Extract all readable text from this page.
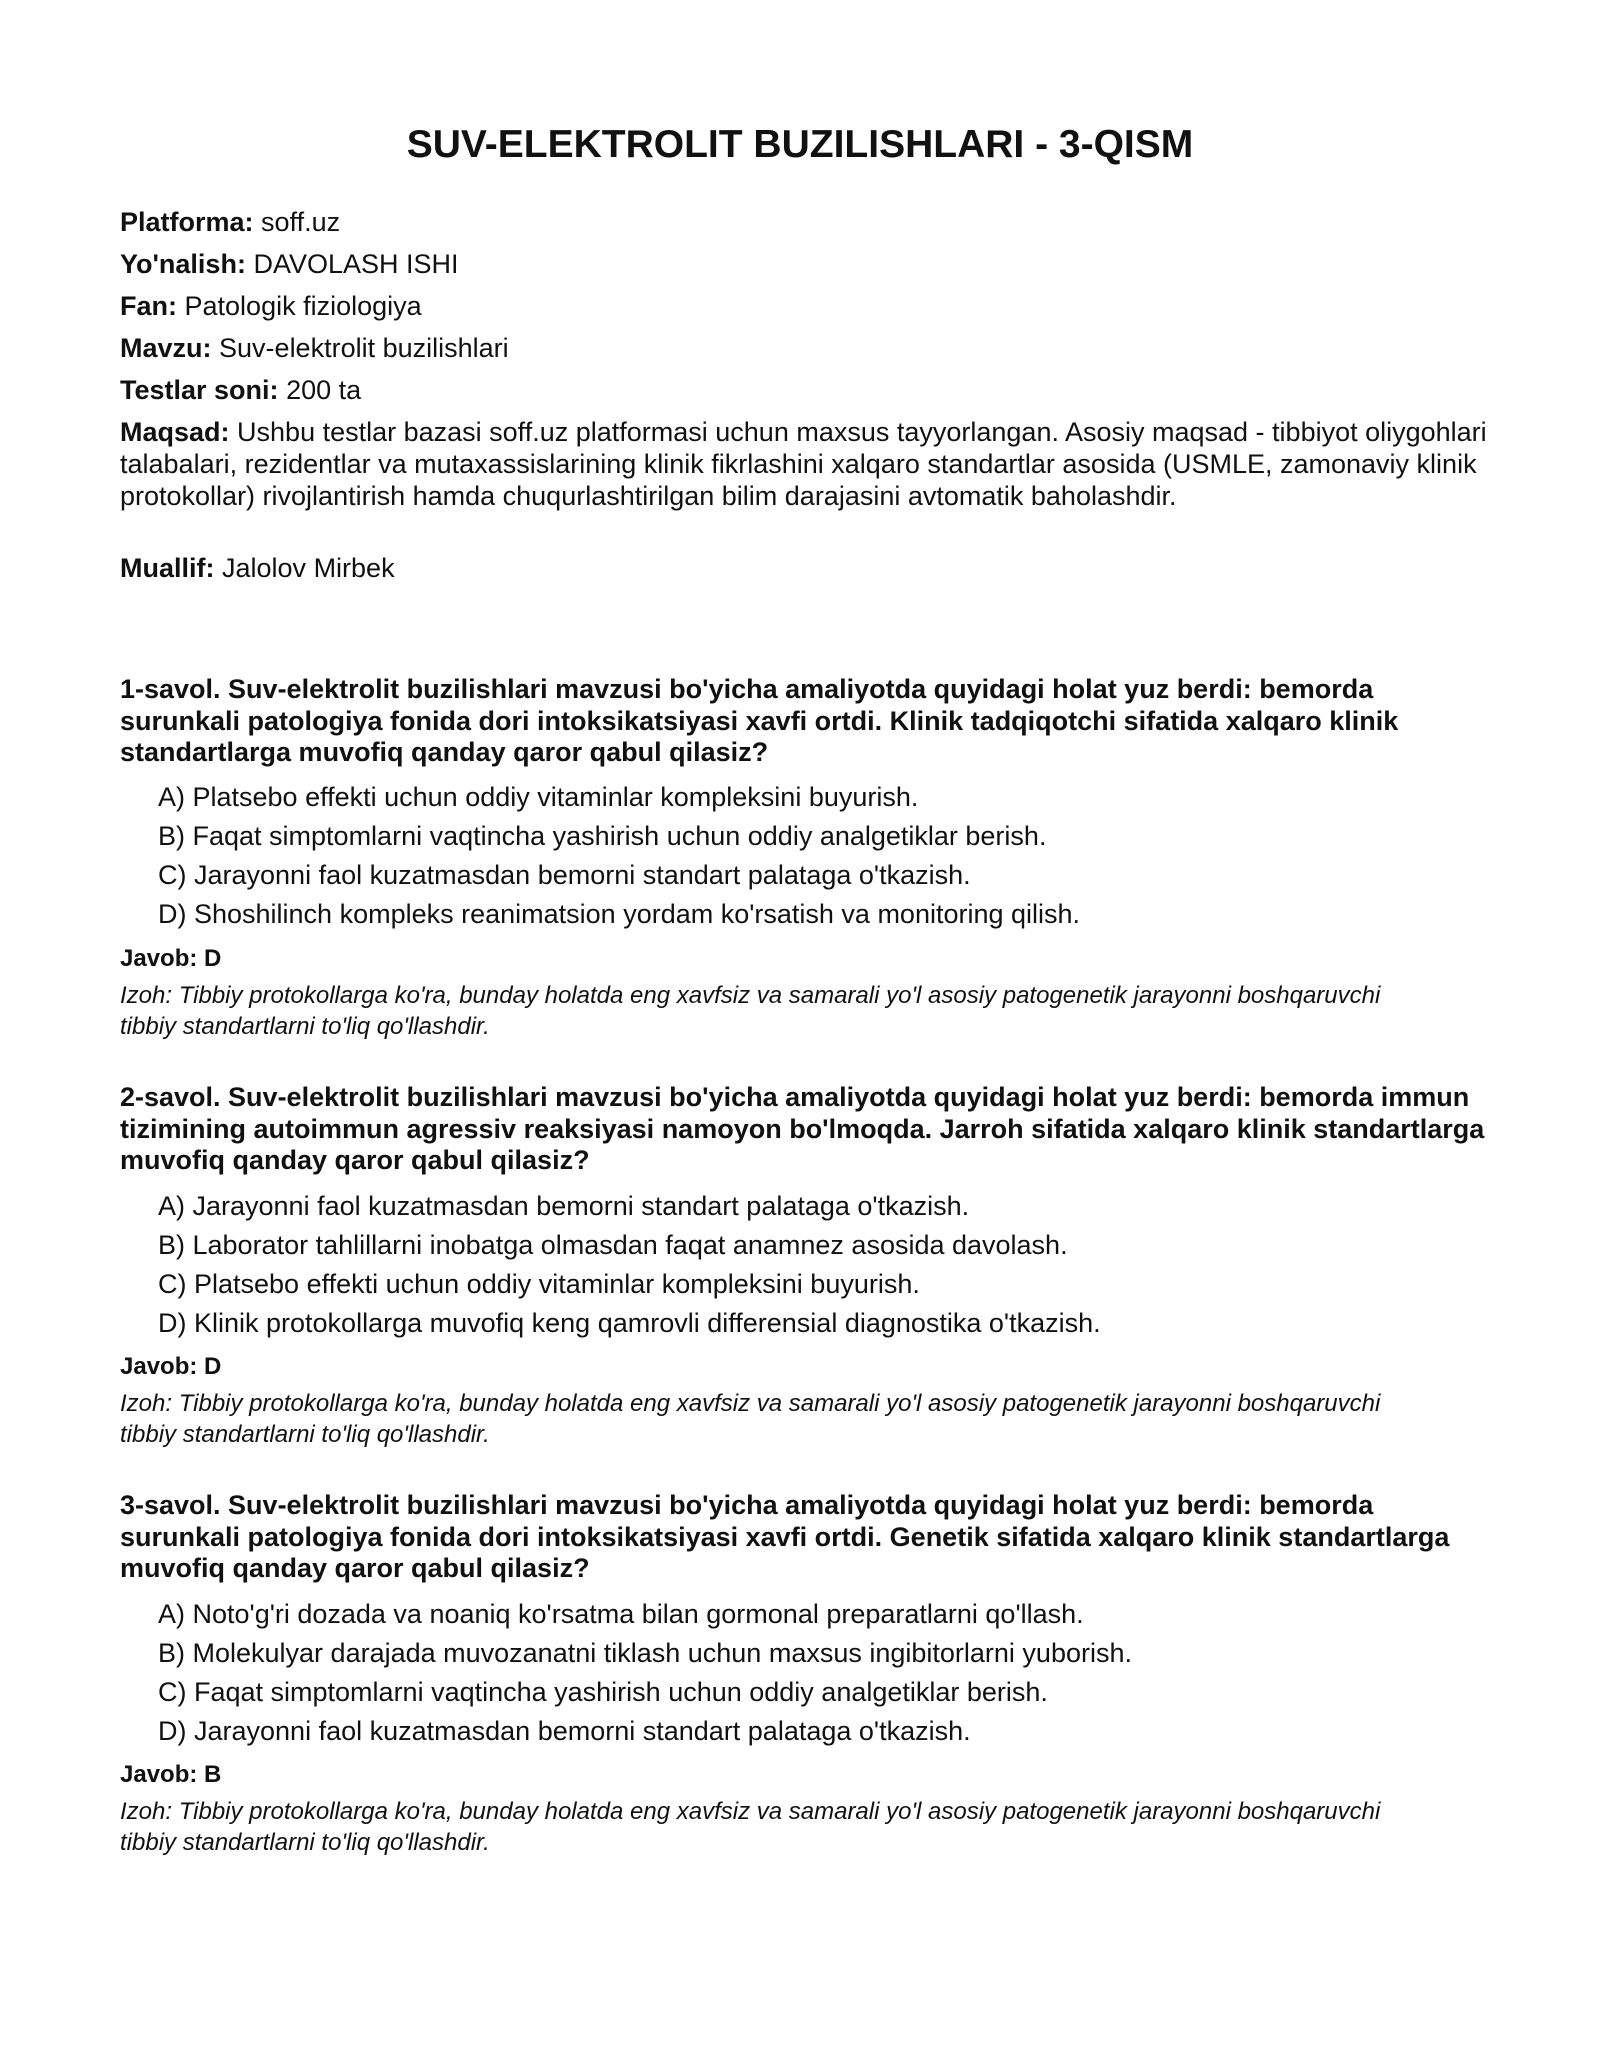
SUV-ELEKTROLIT BUZILISHLARI - 3-QISM
Platforma: soff.uz
Yo'nalish: DAVOLASH ISHI
Fan: Patologik fiziologiya
Mavzu: Suv-elektrolit buzilishlari
Testlar soni: 200 ta
Maqsad: Ushbu testlar bazasi soff.uz platformasi uchun maxsus tayyorlangan. Asosiy maqsad - tibbiyot oliygohlari talabalari, rezidentlar va mutaxassislarining klinik fikrlashini xalqaro standartlar asosida (USMLE, zamonaviy klinik protokollar) rivojlantirish hamda chuqurlashtirilgan bilim darajasini avtomatik baholashdir.
Muallif: Jalolov Mirbek
1-savol. Suv-elektrolit buzilishlari mavzusi bo'yicha amaliyotda quyidagi holat yuz berdi: bemorda surunkali patologiya fonida dori intoksikatsiyasi xavfi ortdi. Klinik tadqiqotchi sifatida xalqaro klinik standartlarga muvofiq qanday qaror qabul qilasiz?
A) Platsebo effekti uchun oddiy vitaminlar kompleksini buyurish.
B) Faqat simptomlarni vaqtincha yashirish uchun oddiy analgetiklar berish.
C) Jarayonni faol kuzatmasdan bemorni standart palataga o'tkazish.
D) Shoshilinch kompleks reanimatsion yordam ko'rsatish va monitoring qilish.
Javob: D
Izoh: Tibbiy protokollarga ko'ra, bunday holatda eng xavfsiz va samarali yo'l asosiy patogenetik jarayonni boshqaruvchi tibbiy standartlarni to'liq qo'llashdir.
2-savol. Suv-elektrolit buzilishlari mavzusi bo'yicha amaliyotda quyidagi holat yuz berdi: bemorda immun tizimining autoimmun agressiv reaksiyasi namoyon bo'lmoqda. Jarroh sifatida xalqaro klinik standartlarga muvofiq qanday qaror qabul qilasiz?
A) Jarayonni faol kuzatmasdan bemorni standart palataga o'tkazish.
B) Laborator tahlillarni inobatga olmasdan faqat anamnez asosida davolash.
C) Platsebo effekti uchun oddiy vitaminlar kompleksini buyurish.
D) Klinik protokollarga muvofiq keng qamrovli differensial diagnostika o'tkazish.
Javob: D
Izoh: Tibbiy protokollarga ko'ra, bunday holatda eng xavfsiz va samarali yo'l asosiy patogenetik jarayonni boshqaruvchi tibbiy standartlarni to'liq qo'llashdir.
3-savol. Suv-elektrolit buzilishlari mavzusi bo'yicha amaliyotda quyidagi holat yuz berdi: bemorda surunkali patologiya fonida dori intoksikatsiyasi xavfi ortdi. Genetik sifatida xalqaro klinik standartlarga muvofiq qanday qaror qabul qilasiz?
A) Noto'g'ri dozada va noaniq ko'rsatma bilan gormonal preparatlarni qo'llash.
B) Molekulyar darajada muvozanatni tiklash uchun maxsus ingibitorlarni yuborish.
C) Faqat simptomlarni vaqtincha yashirish uchun oddiy analgetiklar berish.
D) Jarayonni faol kuzatmasdan bemorni standart palataga o'tkazish.
Javob: B
Izoh: Tibbiy protokollarga ko'ra, bunday holatda eng xavfsiz va samarali yo'l asosiy patogenetik jarayonni boshqaruvchi tibbiy standartlarni to'liq qo'llashdir.
